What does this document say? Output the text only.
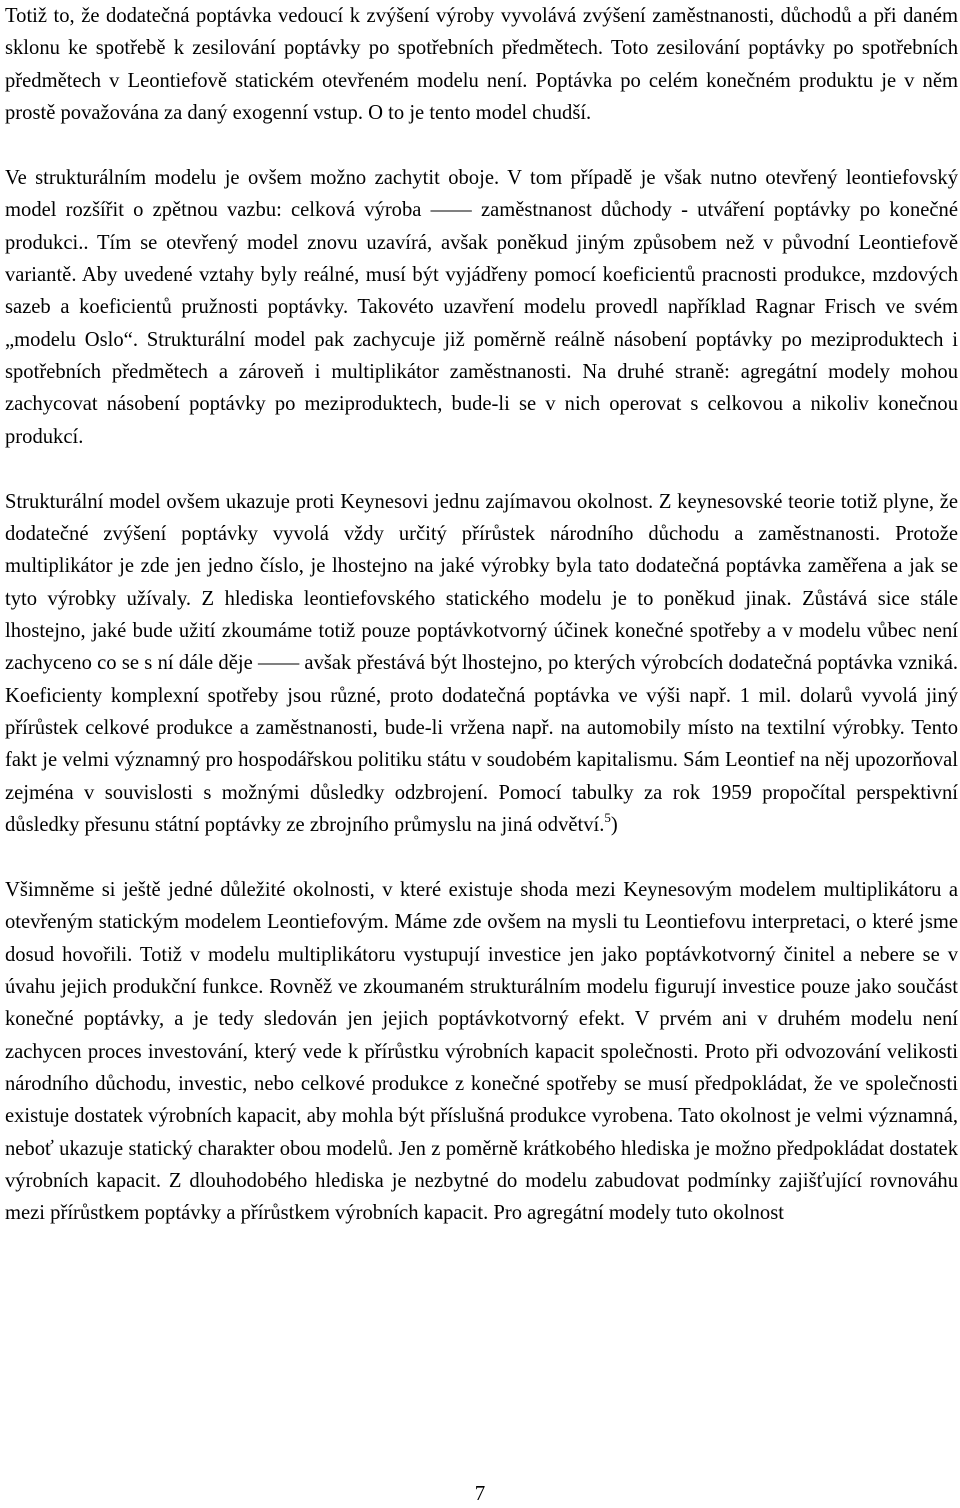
Totiž to, že dodatečná poptávka vedoucí k zvýšení výroby vyvolává zvýšení zaměstnanosti, důchodů a při daném sklonu ke spotřebě k zesilování poptávky po spotřebních předmětech. Toto zesilování poptávky po spotřebních předmětech v Leontiefově statickém otevřeném modelu není. Poptávka po celém konečném produktu je v něm prostě považována za daný exogenní vstup. O to je tento model chudší.

Ve strukturálním modelu je ovšem možno zachytit oboje. V tom případě je však nutno otevřený leontiefovský model rozšířit o zpětnou vazbu: celková výroba —— zaměstnanost důchody - utváření poptávky po konečné produkci.. Tím se otevřený model znovu uzavírá, avšak poněkud jiným způsobem než v původní Leontiefově variantě. Aby uvedené vztahy byly reálné, musí být vyjádřeny pomocí koeficientů pracnosti produkce, mzdových sazeb a koeficientů pružnosti poptávky. Takovéto uzavření modelu provedl například Ragnar Frisch ve svém „modelu Oslo“. Strukturální model pak zachycuje již poměrně reálně násobení poptávky po meziproduktech i spotřebních předmětech a zároveň i multiplikátor zaměstnanosti. Na druhé straně: agregátní modely mohou zachycovat násobení poptávky po meziproduktech, bude-li se v nich operovat s celkovou a nikoliv konečnou produkcí.

Strukturální model ovšem ukazuje proti Keynesovi jednu zajímavou okolnost. Z keynesovské teorie totiž plyne, že dodatečné zvýšení poptávky vyvolá vždy určitý přírůstek národního důchodu a zaměstnanosti. Protože multiplikátor je zde jen jedno číslo, je lhostejno na jaké výrobky byla tato dodatečná poptávka zaměřena a jak se tyto výrobky užívaly. Z hlediska leontiefovského statického modelu je to poněkud jinak. Zůstává sice stále lhostejno, jaké bude užití zkoumáme totiž pouze poptávkotvorný účinek konečné spotřeby a v modelu vůbec není zachyceno co se s ní dále děje —— avšak přestává být lhostejno, po kterých výrobcích dodatečná poptávka vzniká. Koeficienty komplexní spotřeby jsou různé, proto dodatečná poptávka ve výši např. 1 mil. dolarů vyvolá jiný přírůstek celkové produkce a zaměstnanosti, bude-li vržena např. na automobily místo na textilní výrobky. Tento fakt je velmi významný pro hospodářskou politiku státu v soudobém kapitalismu. Sám Leontief na něj upozorňoval zejména v souvislosti s možnými důsledky odzbrojení. Pomocí tabulky za rok 1959 propočítal perspektivní důsledky přesunu státní poptávky ze zbrojního průmyslu na jiná odvětví.$^5$)

Všimněme si ještě jedné důležité okolnosti, v které existuje shoda mezi Keynesovým modelem multiplikátoru a otevřeným statickým modelem Leontiefovým. Máme zde ovšem na mysli tu Leontiefovu interpretaci, o které jsme dosud hovořili. Totiž v modelu multiplikátoru vystupují investice jen jako poptávkotvorný činitel a nebere se v úvahu jejich produkční funkce. Rovněž ve zkoumaném strukturálním modelu figurují investice pouze jako součást konečné poptávky, a je tedy sledován jen jejich poptávkotvorný efekt. V prvém ani v druhém modelu není zachycen proces investování, který vede k přírůstku výrobních kapacit společnosti. Proto při odvozování velikosti národního důchodu, investic, nebo celkové produkce z konečné spotřeby se musí předpokládat, že ve společnosti existuje dostatek výrobních kapacit, aby mohla být příslušná produkce vyrobena. Tato okolnost je velmi významná, neboť ukazuje statický charakter obou modelů. Jen z poměrně krátkobého hlediska je možno předpokládat dostatek výrobních kapacit. Z dlouhodobého hlediska je nezbytné do modelu zabudovat podmínky zajišťující rovnováhu mezi přírůstkem poptávky a přírůstkem výrobních kapacit. Pro agregátní modely tuto okolnost

7
